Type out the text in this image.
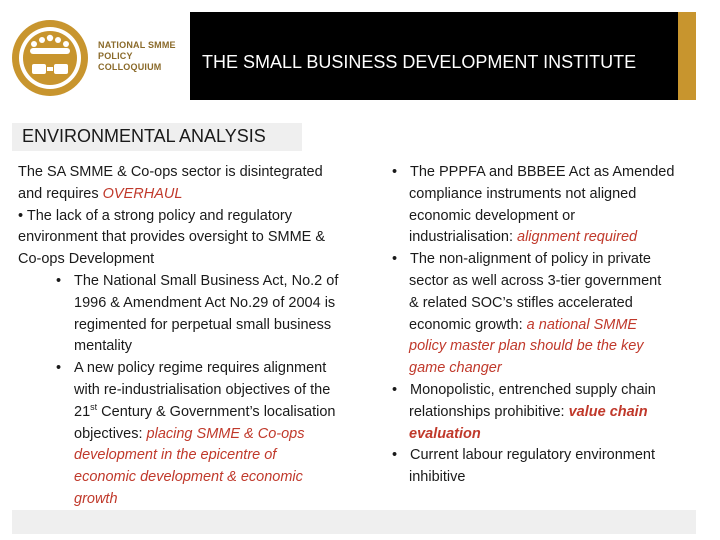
NATIONAL SMME
POLICY
COLLOQUIUM	THE SMALL BUSINESS DEVELOPMENT INSTITUTE
ENVIRONMENTAL ANALYSIS
The SA SMME & Co-ops sector is disintegrated
and requires OVERHAUL
• The lack of a strong policy and regulatory
environment that provides oversight to SMME &
Co-ops Development
• The National Small Business Act, No.2 of
1996 & Amendment Act No.29 of 2004 is
regimented for perpetual small business
mentality
• A new policy regime requires alignment
with re-industrialisation objectives of the
21st Century & Government’s localisation
objectives: placing SMME & Co-ops
development in the epicentre of
economic development & economic
growth
• The PPPFA and BBBEE Act as Amended
compliance instruments not aligned
economic development or
industrialisation: alignment required
• The non-alignment of policy in private
sector as well across 3-tier government
& related SOC’s stifles accelerated
economic growth: a national SMME
policy master plan should be the key
game changer
• Monopolistic, entrenched supply chain
relationships prohibitive: value chain
evaluation
• Current labour regulatory environment
inhibitive
